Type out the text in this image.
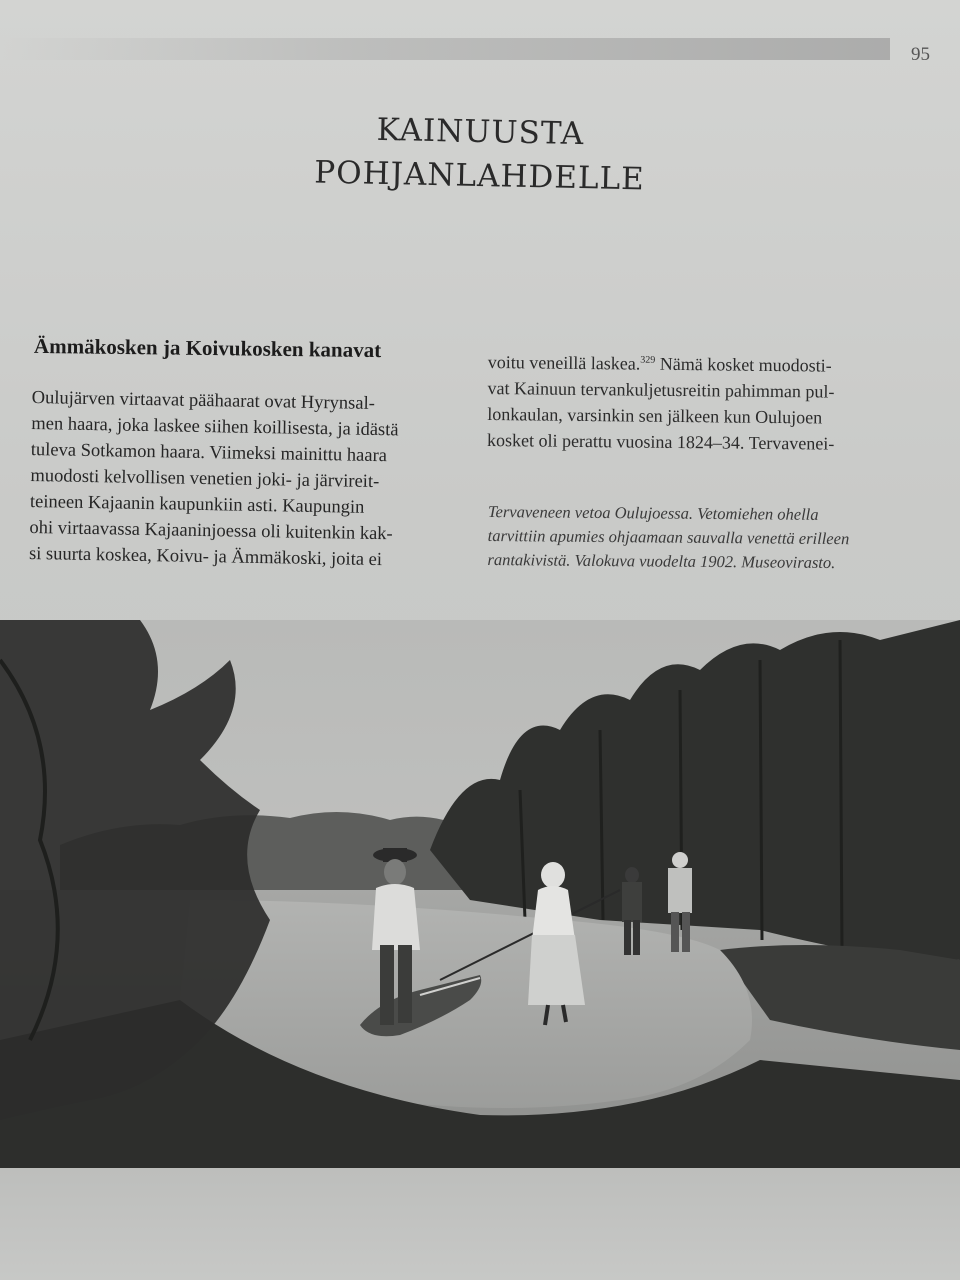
95
KAINUUSTA
POHJANLAHDELLE
Ämmäkosken ja Koivukosken kanavat

Oulujärven virtaavat päähaarat ovat Hyrynsal-

men haara, joka laskee siihen koillisesta, ja idästä

tuleva Sotkamon haara. Viimeksi mainittu haara

muodosti kelvollisen venetien joki- ja järvireit-

teineen Kajaanin kaupunkiin asti. Kaupungin

ohi virtaavassa Kajaaninjoessa oli kuitenkin kak-

si suurta koskea, Koivu- ja Ämmäkoski, joita ei

voitu veneillä laskea.$^{329}$ Nämä kosket muodosti-

vat Kainuun tervankuljetusreitin pahimman pul-

lonkaulan, varsinkin sen jälkeen kun Oulujoen

kosket oli perattu vuosina 1824–34. Tervavenei-

Tervaveneen vetoa Oulujoessa. Vetomiehen ohella

tarvittiin apumies ohjaamaan sauvalla venettä erilleen

rantakivistä. Valokuva vuodelta 1902. Museovirasto.
